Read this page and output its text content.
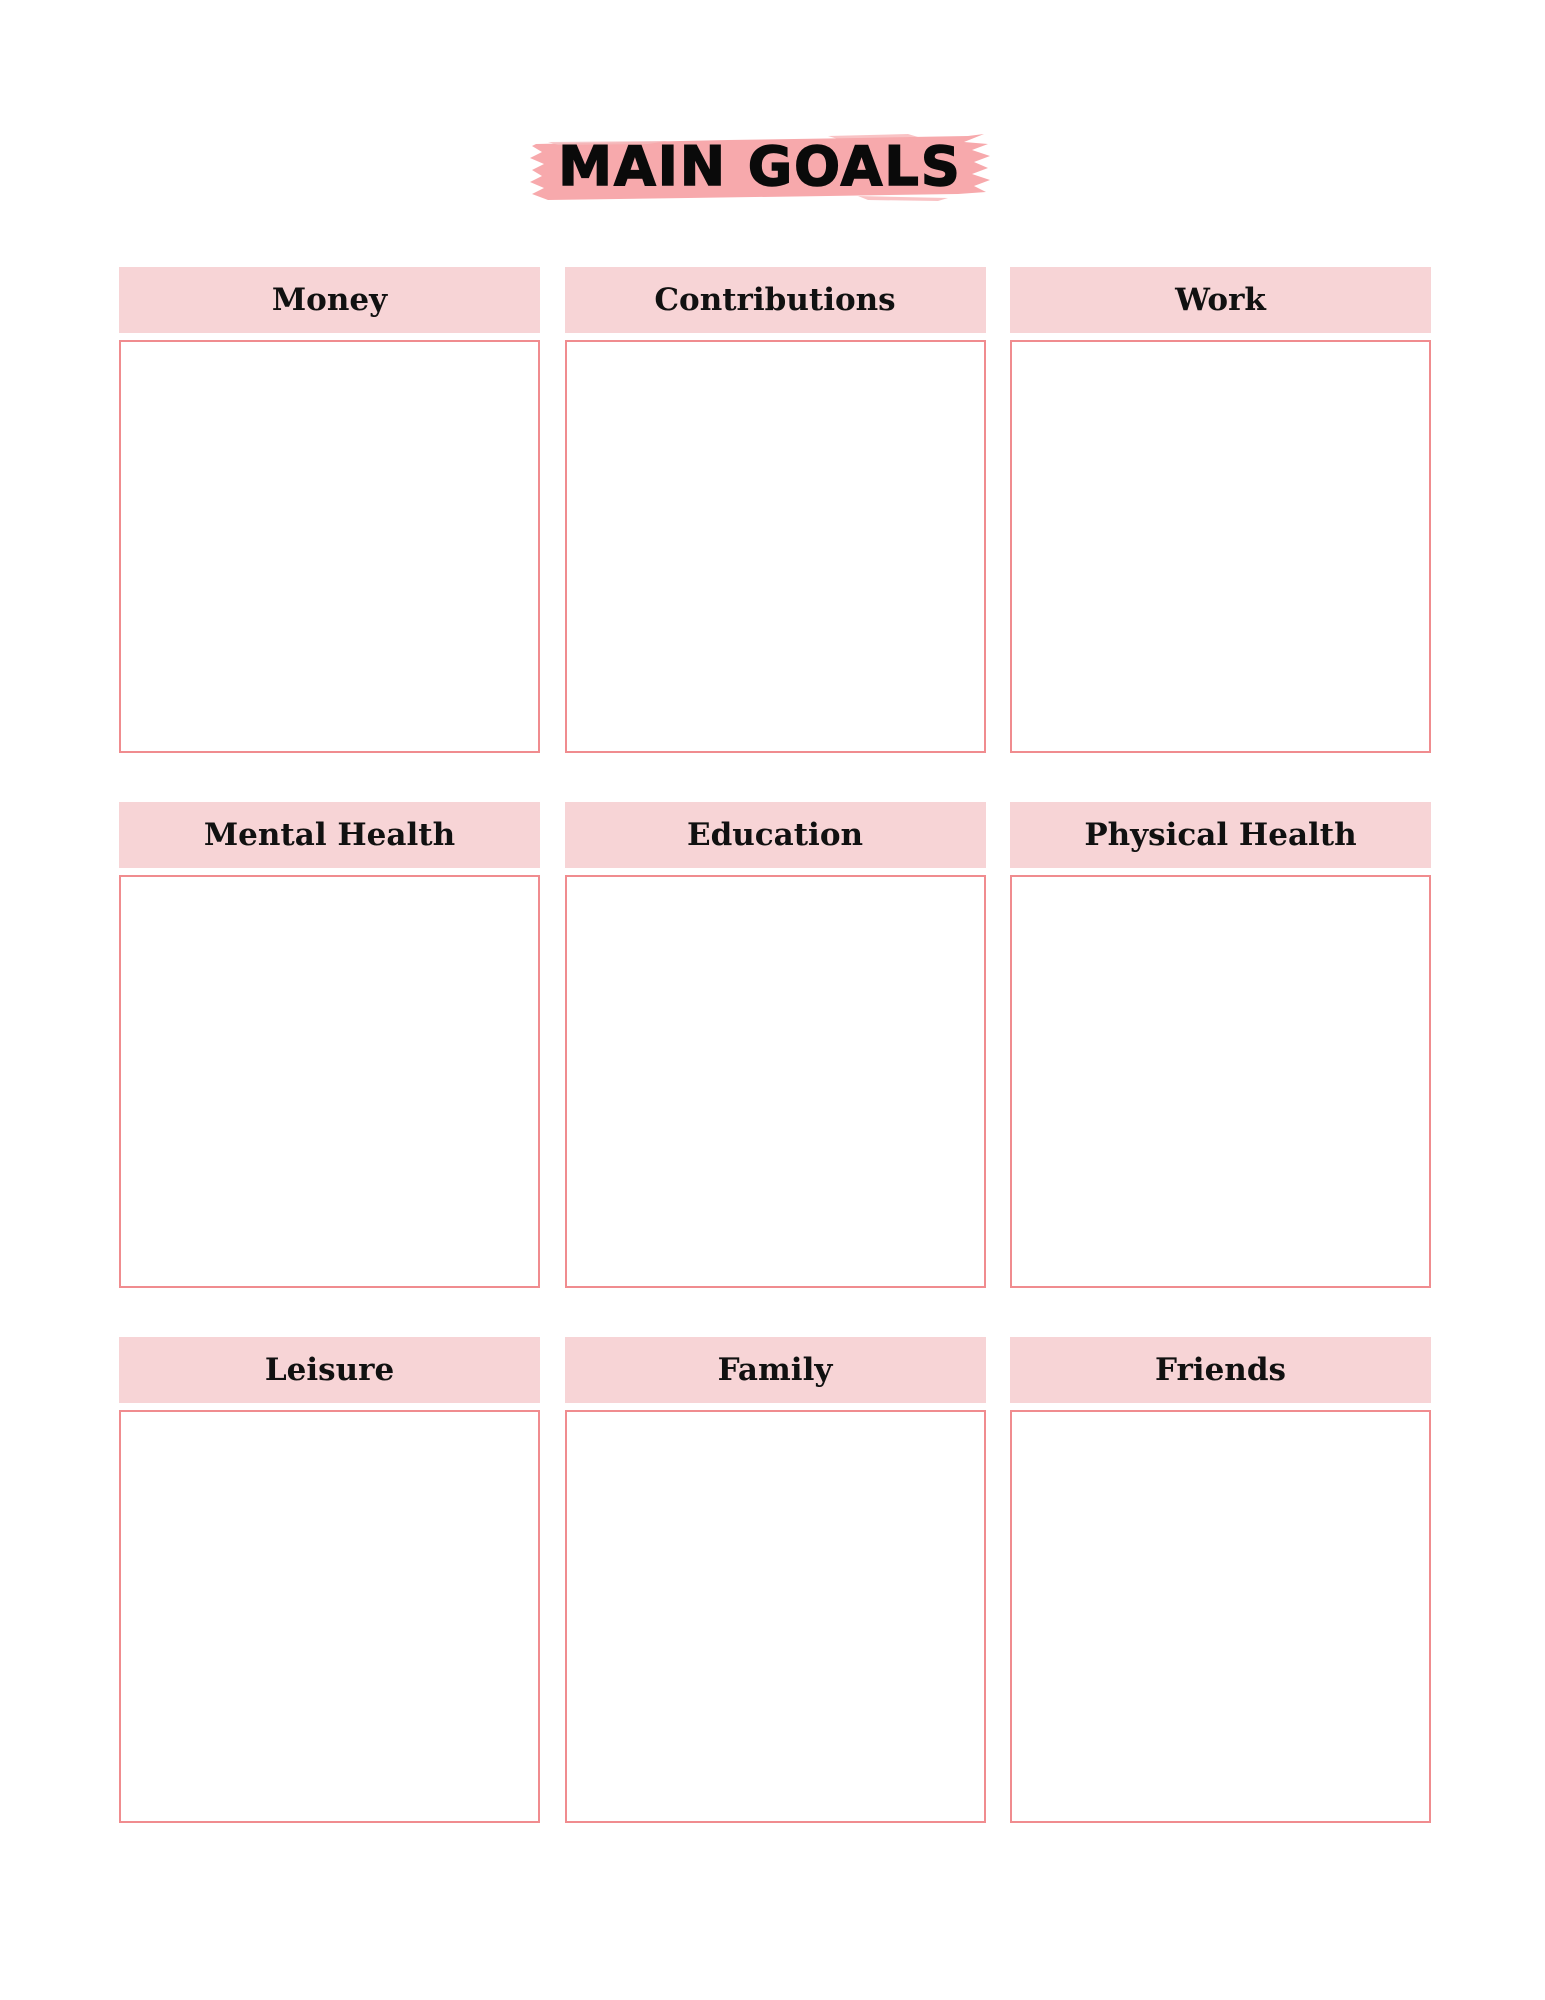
MAIN GOALS
Money	Contributions	Work
Mental Health	Education	Physical Health
Leisure	Family	Friends
